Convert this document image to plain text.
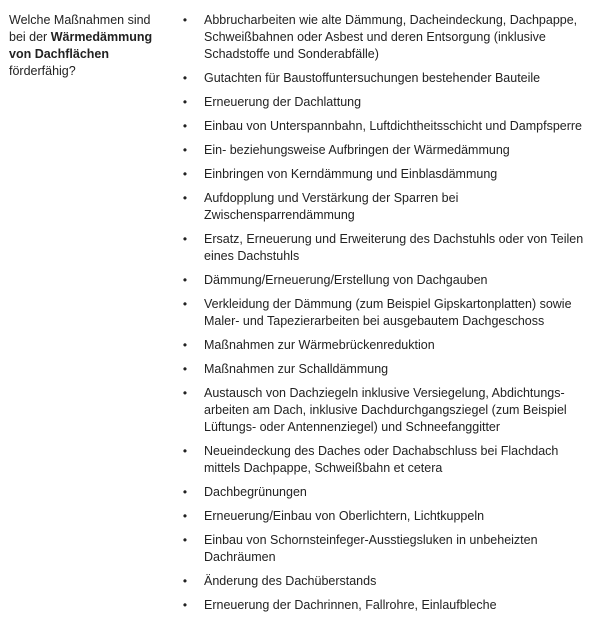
Welche Maßnahmen sind bei der Wärmedämmung von Dachflächen förderfähig?
• Abbrucharbeiten wie alte Dämmung, Dacheindeckung, Dachpappe, Schweißbahnen oder Asbest und deren Entsorgung (inklusive Schadstoffe und Sonderabfälle)
• Gutachten für Baustoffuntersuchungen bestehender Bauteile
• Erneuerung der Dachlattung
• Einbau von Unterspannbahn, Luftdichtheitsschicht und Dampfsperre
• Ein- beziehungsweise Aufbringen der Wärmedämmung
• Einbringen von Kerndämmung und Einblasdämmung
• Aufdopplung und Verstärkung der Sparren bei Zwischensparrendämmung
• Ersatz, Erneuerung und Erweiterung des Dachstuhls oder von Teilen eines Dachstuhls
• Dämmung/Erneuerung/Erstellung von Dachgauben
• Verkleidung der Dämmung (zum Beispiel Gipskartonplatten) sowie Maler- und Tapezierarbeiten bei ausgebautem Dachgeschoss
• Maßnahmen zur Wärmebrückenreduktion
• Maßnahmen zur Schalldämmung
• Austausch von Dachziegeln inklusive Versiegelung, Abdichtungs- arbeiten am Dach, inklusive Dachdurchgangsziegel (zum Beispiel Lüftungs- oder Antennenziegel) und Schneefanggitter
• Neueindeckung des Daches oder Dachabschluss bei Flachdach mittels Dachpappe, Schweißbahn et cetera
• Dachbegrünungen
• Erneuerung/Einbau von Oberlichtern, Lichtkuppeln
• Einbau von Schornsteinfeger-Ausstiegsluken in unbeheizten Dachräumen
• Änderung des Dachüberstands
• Erneuerung der Dachrinnen, Fallrohre, Einlaufbleche
